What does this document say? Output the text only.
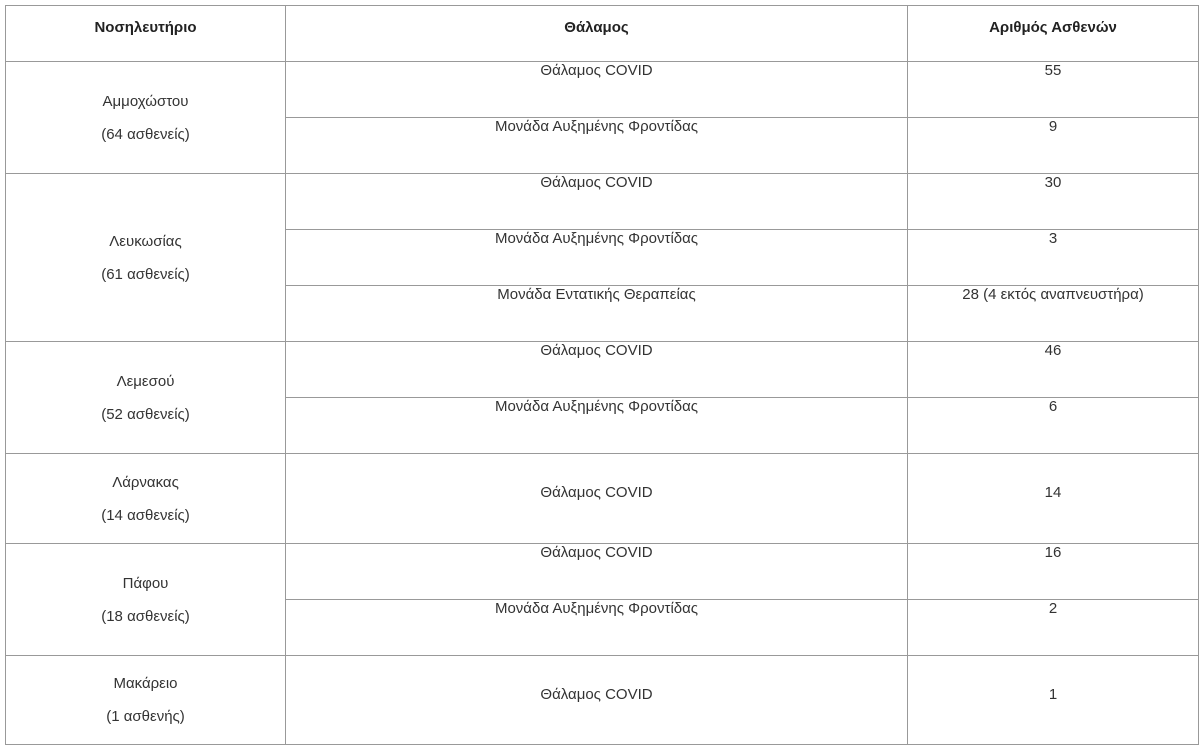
Νοσηλευτήριο	Θάλαμος	Αριθμός Ασθενών

Αμμοχώστου
(64 ασθενείς)	Θάλαμος COVID	55
	Μονάδα Αυξημένης Φροντίδας	9

Λευκωσίας
(61 ασθενείς)	Θάλαμος COVID	30
	Μονάδα Αυξημένης Φροντίδας	3
	Μονάδα Εντατικής Θεραπείας	28 (4 εκτός αναπνευστήρα)

Λεμεσού
(52 ασθενείς)	Θάλαμος COVID	46
	Μονάδα Αυξημένης Φροντίδας	6

Λάρνακας
(14 ασθενείς)	Θάλαμος COVID	14

Πάφου
(18 ασθενείς)	Θάλαμος COVID	16
	Μονάδα Αυξημένης Φροντίδας	2

Μακάρειο
(1 ασθενής)	Θάλαμος COVID	1
